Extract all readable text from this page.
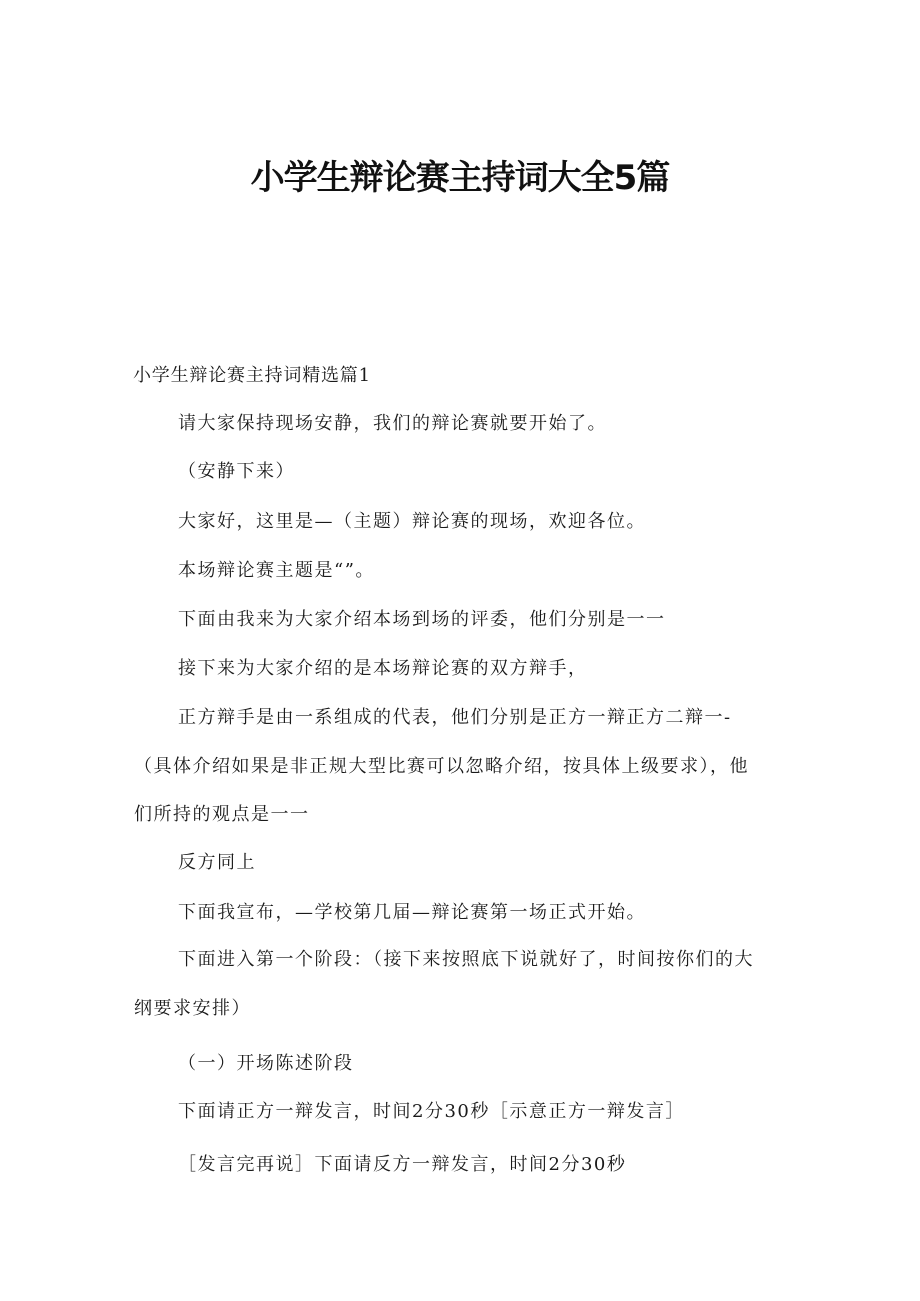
小学生辩论赛主持词大全5篇
小学生辩论赛主持词精选篇1
请大家保持现场安静，我们的辩论赛就要开始了。
（安静下来）
大家好，这里是—（主题）辩论赛的现场，欢迎各位。
本场辩论赛主题是“”。
下面由我来为大家介绍本场到场的评委，他们分别是一一
接下来为大家介绍的是本场辩论赛的双方辩手，
正方辩手是由一系组成的代表，他们分别是正方一辩正方二辩一-
（具体介绍如果是非正规大型比赛可以忽略介绍，按具体上级要求），他
们所持的观点是一一
反方同上
下面我宣布，—学校第几届—辩论赛第一场正式开始。
下面进入第一个阶段：（接下来按照底下说就好了，时间按你们的大
纲要求安排）
（一）开场陈述阶段
下面请正方一辩发言，时间2分30秒［示意正方一辩发言］
［发言完再说］下面请反方一辩发言，时间2分30秒
